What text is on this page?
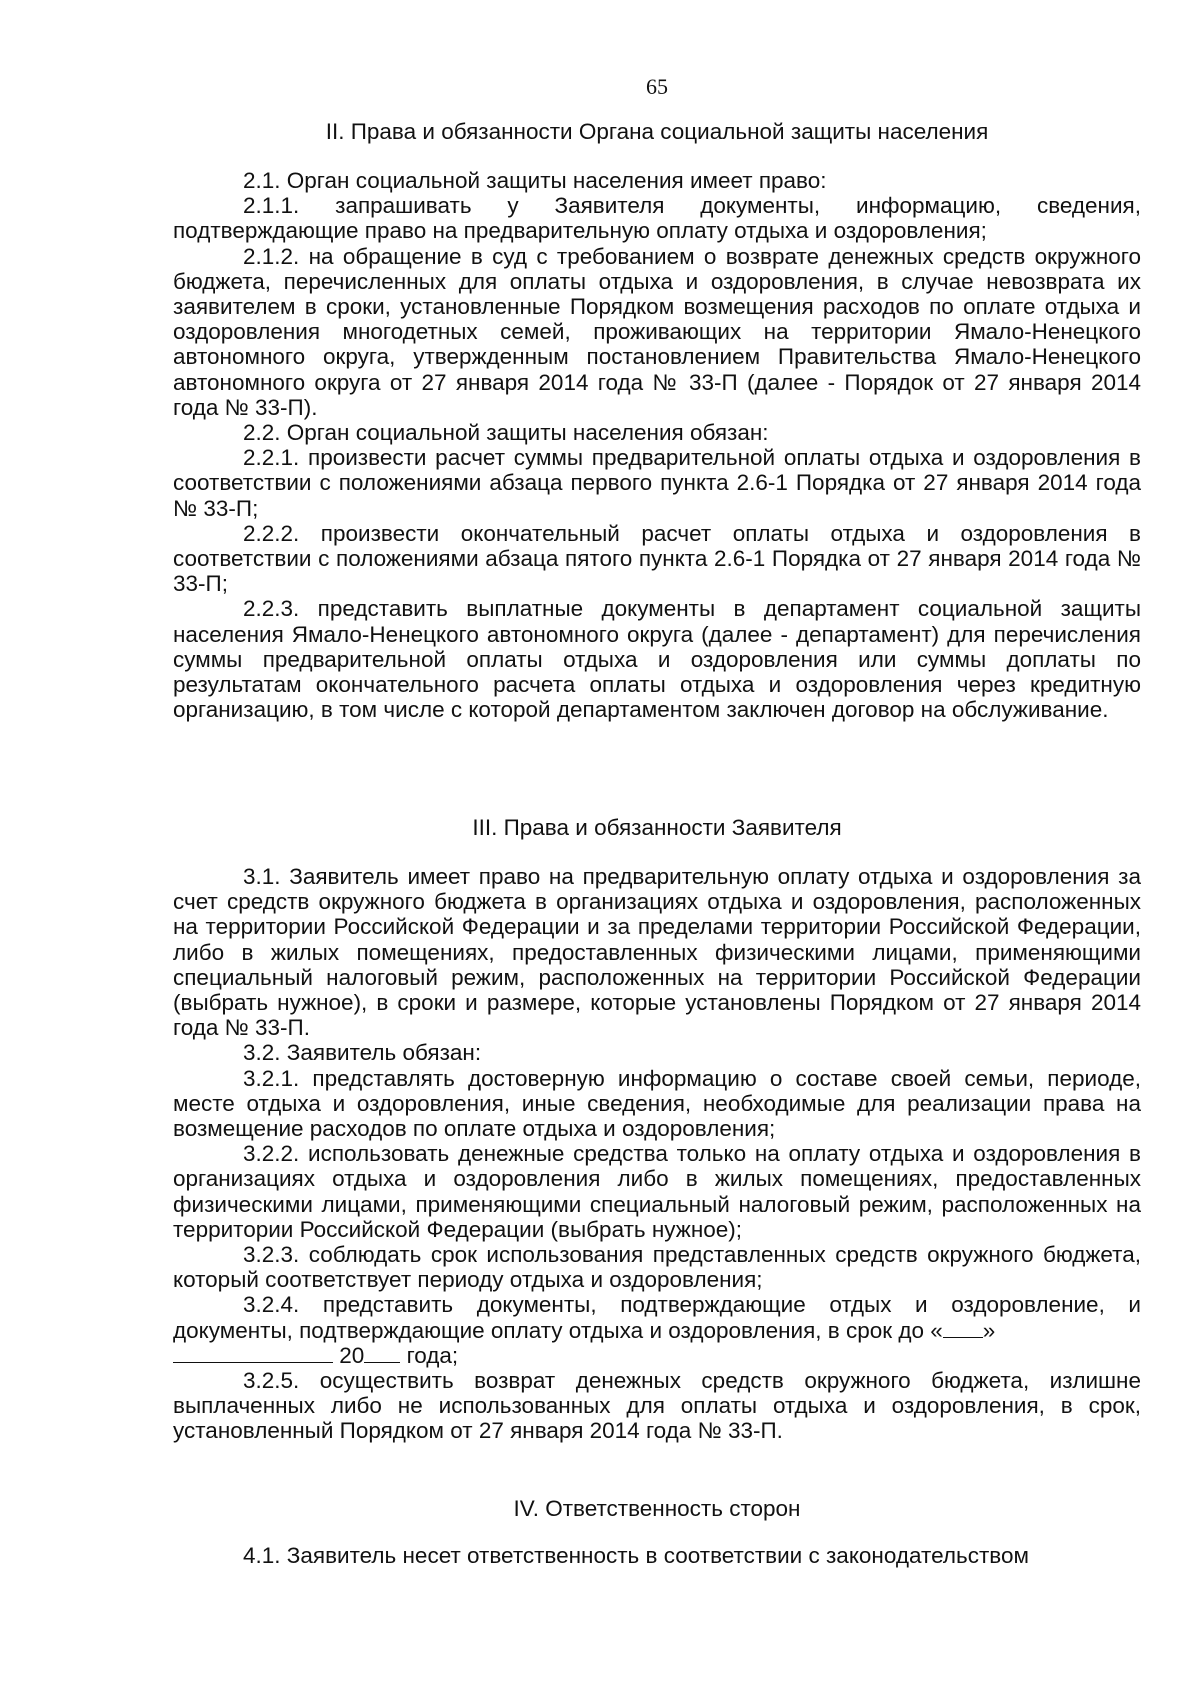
65
II. Права и обязанности Органа социальной защиты населения

2.1. Орган социальной защиты населения имеет право:

2.1.1. запрашивать у Заявителя документы, информацию, сведения, подтверждающие право на предварительную оплату отдыха и оздоровления;

2.1.2. на обращение в суд с требованием о возврате денежных средств окружного бюджета, перечисленных для оплаты отдыха и оздоровления, в случае невозврата их заявителем в сроки, установленные Порядком возмещения расходов по оплате отдыха и оздоровления многодетных семей, проживающих на территории Ямало-Ненецкого автономного округа, утвержденным постановлением Правительства Ямало-Ненецкого автономного округа от 27 января 2014 года № 33-П (далее - Порядок от 27 января 2014 года № 33-П).

2.2. Орган социальной защиты населения обязан:

2.2.1. произвести расчет суммы предварительной оплаты отдыха и оздоровления в соответствии с положениями абзаца первого пункта 2.6-1 Порядка от 27 января 2014 года № 33-П;

2.2.2. произвести окончательный расчет оплаты отдыха и оздоровления в соответствии с положениями абзаца пятого пункта 2.6-1 Порядка от 27 января 2014 года № 33-П;

2.2.3. представить выплатные документы в департамент социальной защиты населения Ямало-Ненецкого автономного округа (далее - департамент) для перечисления суммы предварительной оплаты отдыха и оздоровления или суммы доплаты по результатам окончательного расчета оплаты отдыха и оздоровления через кредитную организацию, в том числе с которой департаментом заключен договор на обслуживание.

III. Права и обязанности Заявителя

3.1. Заявитель имеет право на предварительную оплату отдыха и оздоровления за счет средств окружного бюджета в организациях отдыха и оздоровления, расположенных на территории Российской Федерации и за пределами территории Российской Федерации, либо в жилых помещениях, предоставленных физическими лицами, применяющими специальный налоговый режим, расположенных на территории Российской Федерации (выбрать нужное), в сроки и размере, которые установлены Порядком от 27 января 2014 года № 33-П.

3.2. Заявитель обязан:

3.2.1. представлять достоверную информацию о составе своей семьи, периоде, месте отдыха и оздоровления, иные сведения, необходимые для реализации права на возмещение расходов по оплате отдыха и оздоровления;

3.2.2. использовать денежные средства только на оплату отдыха и оздоровления в организациях отдыха и оздоровления либо в жилых помещениях, предоставленных физическими лицами, применяющими специальный налоговый режим, расположенных на территории Российской Федерации (выбрать нужное);

3.2.3. соблюдать срок использования представленных средств окружного бюджета, который соответствует периоду отдыха и оздоровления;

3.2.4. представить документы, подтверждающие отдых и оздоровление, и документы, подтверждающие оплату отдыха и оздоровления, в срок до « »
20 года;

3.2.5. осуществить возврат денежных средств окружного бюджета, излишне выплаченных либо не использованных для оплаты отдыха и оздоровления, в срок, установленный Порядком от 27 января 2014 года № 33-П.

IV. Ответственность сторон

4.1. Заявитель несет ответственность в соответствии с законодательством
